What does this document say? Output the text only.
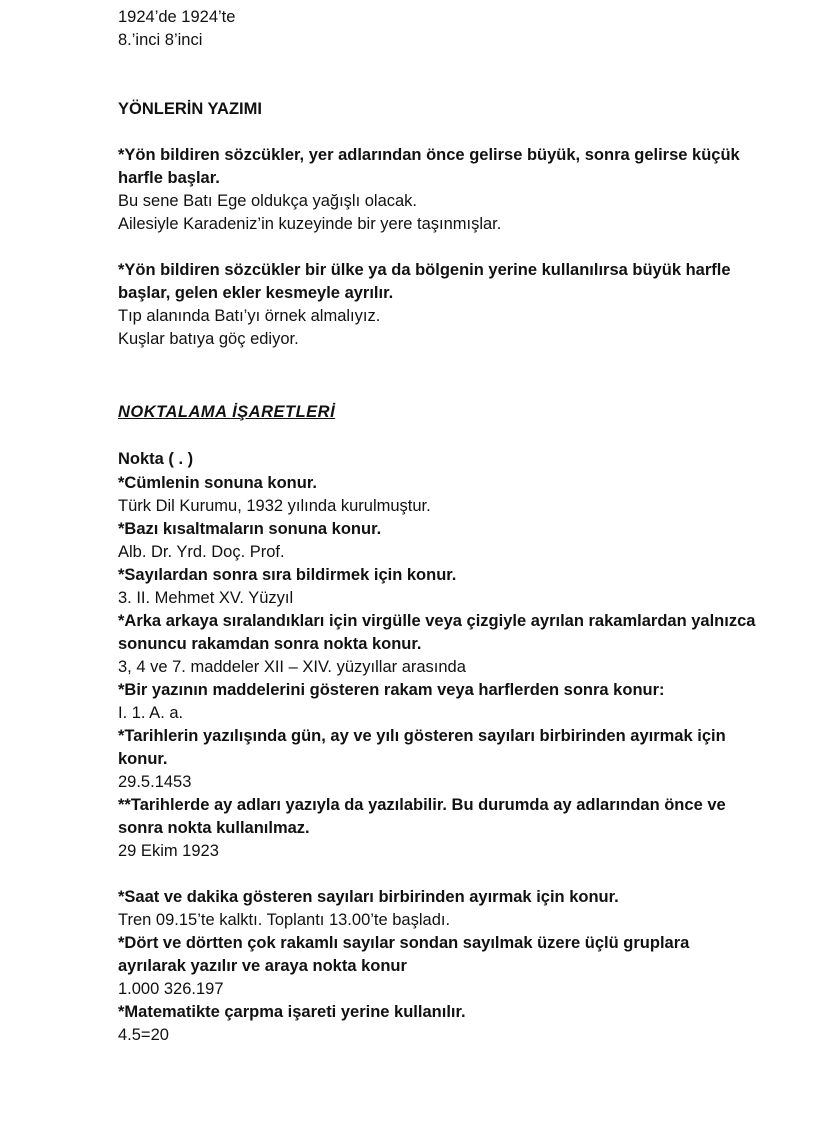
1924’de 1924’te

8.’inci 8’inci

YÖNLERİN YAZIMI

*Yön bildiren sözcükler, yer adlarından önce gelirse büyük, sonra gelirse küçük harfle başlar.

Bu sene Batı Ege oldukça yağışlı olacak.

Ailesiyle Karadeniz’in kuzeyinde bir yere taşınmışlar.

*Yön bildiren sözcükler bir ülke ya da bölgenin yerine kullanılırsa büyük harfle başlar, gelen ekler kesmeyle ayrılır.

Tıp alanında Batı’yı örnek almalıyız.

Kuşlar batıya göç ediyor.

NOKTALAMA İŞARETLERİ

Nokta ( . )

*Cümlenin sonuna konur.

Türk Dil Kurumu, 1932 yılında kurulmuştur.

*Bazı kısaltmaların sonuna konur.

Alb. Dr. Yrd. Doç. Prof.

*Sayılardan sonra sıra bildirmek için konur.

3. II. Mehmet XV. Yüzyıl

*Arka arkaya sıralandıkları için virgülle veya çizgiyle ayrılan rakamlardan yalnızca sonuncu rakamdan sonra nokta konur.

3, 4 ve 7. maddeler XII – XIV. yüzyıllar arasında

*Bir yazının maddelerini gösteren rakam veya harflerden sonra konur:

I. 1. A. a.

*Tarihlerin yazılışında gün, ay ve yılı gösteren sayıları birbirinden ayırmak için konur.

29.5.1453

**Tarihlerde ay adları yazıyla da yazılabilir. Bu durumda ay adlarından önce ve sonra nokta kullanılmaz.

29 Ekim 1923

*Saat ve dakika gösteren sayıları birbirinden ayırmak için konur.

Tren 09.15’te kalktı. Toplantı 13.00’te başladı.

*Dört ve dörtten çok rakamlı sayılar sondan sayılmak üzere üçlü gruplara ayrılarak yazılır ve araya nokta konur

1.000 326.197

*Matematikte çarpma işareti yerine kullanılır.

4.5=20
